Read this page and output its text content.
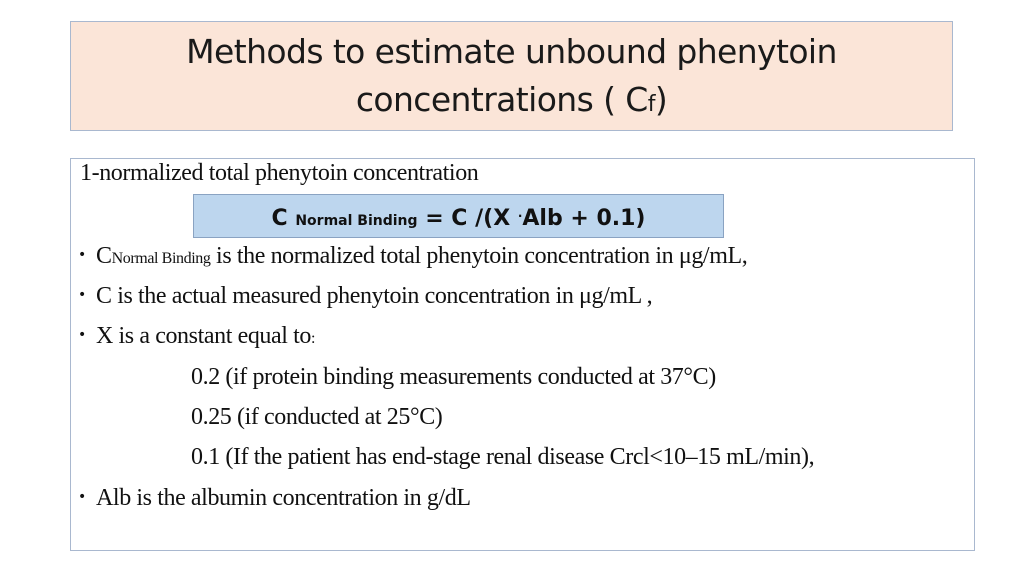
Methods to estimate unbound phenytoin
concentrations ( Cf)
1-normalized total phenytoin concentration
C Normal Binding = C /(X ·Alb + 0.1)
• CNormal Binding is the normalized total phenytoin concentration in μg/mL,
• C is the actual measured phenytoin concentration in μg/mL ,
• X is a constant equal to:
0.2 (if protein binding measurements conducted at 37°C)
0.25 (if conducted at 25°C)
0.1 (If the patient has end-stage renal disease Crcl<10–15 mL/min),
• Alb is the albumin concentration in g/dL
